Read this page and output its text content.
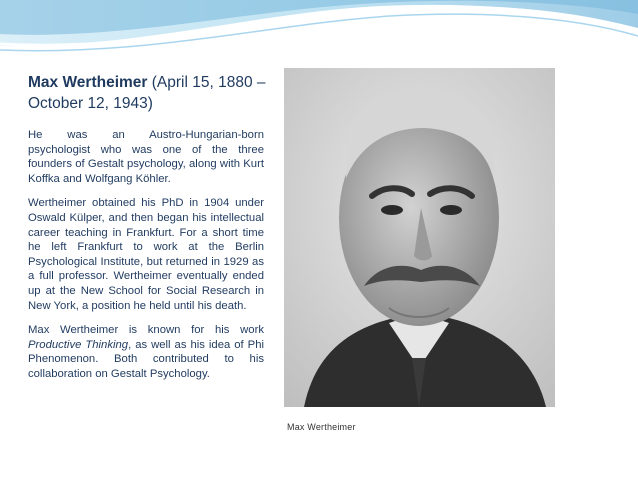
Max Wertheimer (April 15, 1880 – October 12, 1943)

He was an Austro-Hungarian-born psychologist who was one of the three founders of Gestalt psychology, along with Kurt Koffka and Wolfgang Köhler.

Wertheimer obtained his PhD in 1904 under Oswald Külper, and then began his intellectual career teaching in Frankfurt. For a short time he left Frankfurt to work at the Berlin Psychological Institute, but returned in 1929 as a full professor. Wertheimer eventually ended up at the New School for Social Research in New York, a position he held until his death.

Max Wertheimer is known for his work Productive Thinking, as well as his idea of Phi Phenomenon. Both contributed to his collaboration on Gestalt Psychology.

Max Wertheimer
